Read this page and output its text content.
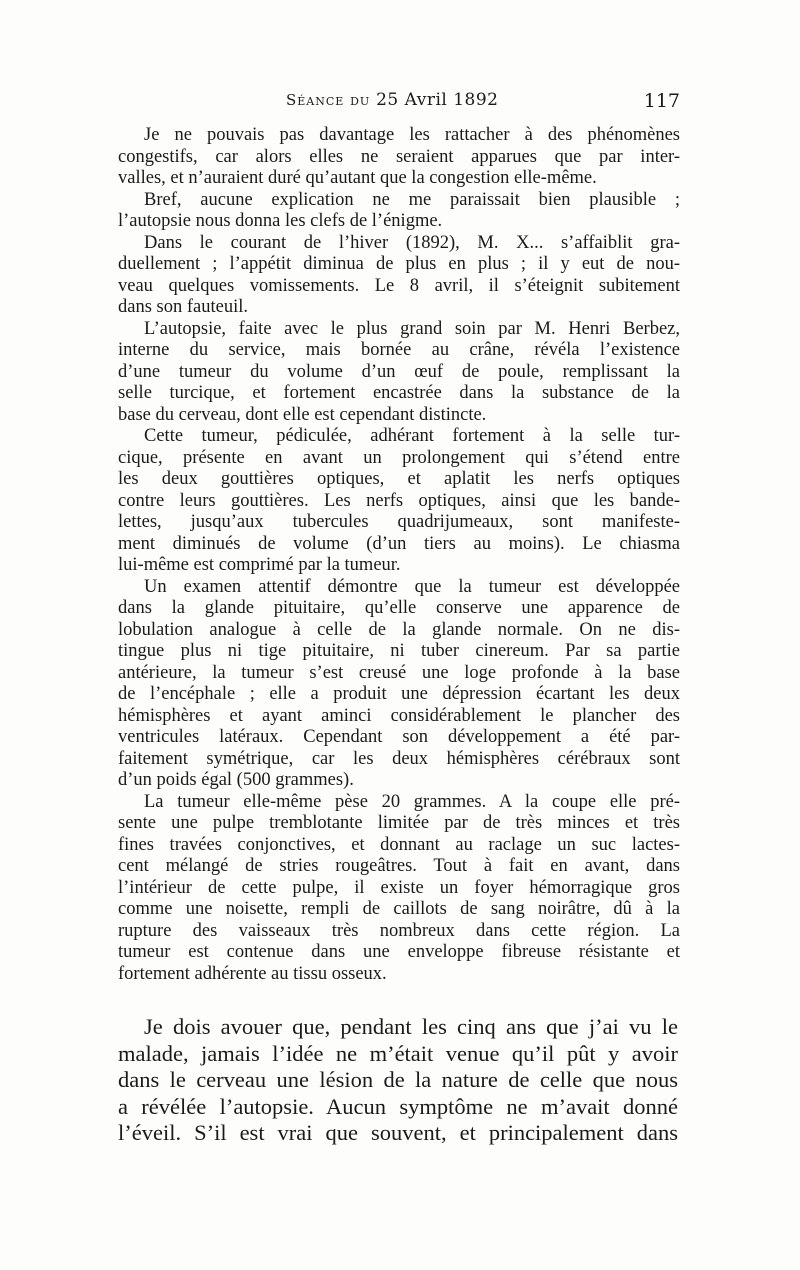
Séance du 25 Avril 1892	117
Je ne pouvais pas davantage les rattacher à des phénomènes
congestifs, car alors elles ne seraient apparues que par inter-
valles, et n’auraient duré qu’autant que la congestion elle-même.
Bref, aucune explication ne me paraissait bien plausible ;
l’autopsie nous donna les clefs de l’énigme.
Dans le courant de l’hiver (1892), M. X... s’affaiblit gra-
duellement ; l’appétit diminua de plus en plus ; il y eut de nou-
veau quelques vomissements. Le 8 avril, il s’éteignit subitement
dans son fauteuil.
L’autopsie, faite avec le plus grand soin par M. Henri Berbez,
interne du service, mais bornée au crâne, révéla l’existence
d’une tumeur du volume d’un œuf de poule, remplissant la
selle turcique, et fortement encastrée dans la substance de la
base du cerveau, dont elle est cependant distincte.
Cette tumeur, pédiculée, adhérant fortement à la selle tur-
cique, présente en avant un prolongement qui s’étend entre
les deux gouttières optiques, et aplatit les nerfs optiques
contre leurs gouttières. Les nerfs optiques, ainsi que les bande-
lettes, jusqu’aux tubercules quadrijumeaux, sont manifeste-
ment diminués de volume (d’un tiers au moins). Le chiasma
lui-même est comprimé par la tumeur.
Un examen attentif démontre que la tumeur est développée
dans la glande pituitaire, qu’elle conserve une apparence de
lobulation analogue à celle de la glande normale. On ne dis-
tingue plus ni tige pituitaire, ni tuber cinereum. Par sa partie
antérieure, la tumeur s’est creusé une loge profonde à la base
de l’encéphale ; elle a produit une dépression écartant les deux
hémisphères et ayant aminci considérablement le plancher des
ventricules latéraux. Cependant son développement a été par-
faitement symétrique, car les deux hémisphères cérébraux sont
d’un poids égal (500 grammes).
La tumeur elle-même pèse 20 grammes. A la coupe elle pré-
sente une pulpe tremblotante limitée par de très minces et très
fines travées conjonctives, et donnant au raclage un suc lactes-
cent mélangé de stries rougeâtres. Tout à fait en avant, dans
l’intérieur de cette pulpe, il existe un foyer hémorragique gros
comme une noisette, rempli de caillots de sang noirâtre, dû à la
rupture des vaisseaux très nombreux dans cette région. La
tumeur est contenue dans une enveloppe fibreuse résistante et
fortement adhérente au tissu osseux.
Je dois avouer que, pendant les cinq ans que j’ai vu le
malade, jamais l’idée ne m’était venue qu’il pût y avoir
dans le cerveau une lésion de la nature de celle que nous
a révélée l’autopsie. Aucun symptôme ne m’avait donné
l’éveil. S’il est vrai que souvent, et principalement dans
